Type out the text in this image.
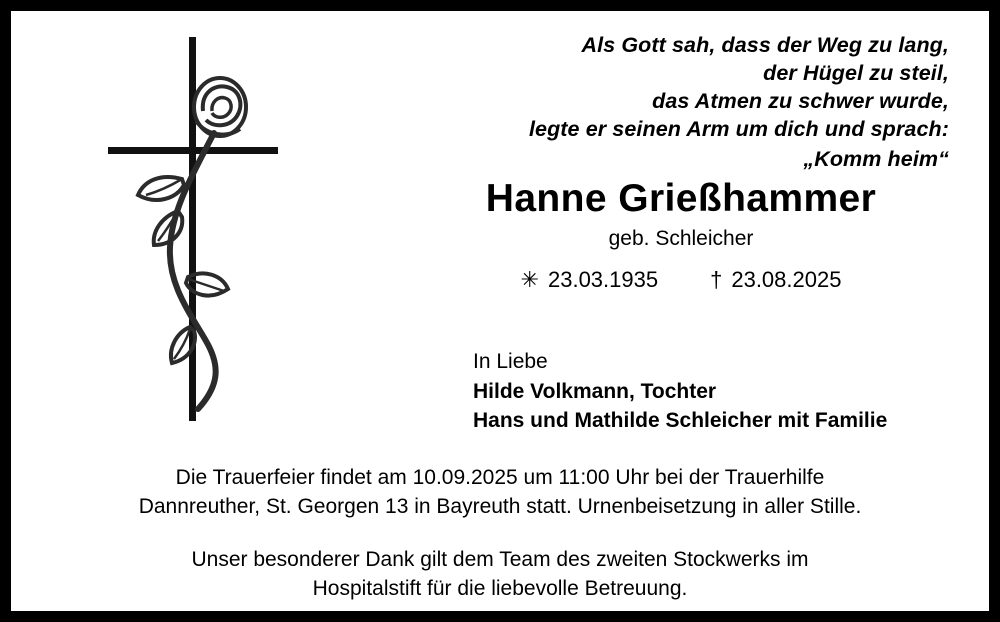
Als Gott sah, dass der Weg zu lang,
der Hügel zu steil,
das Atmen zu schwer wurde,
legte er seinen Arm um dich und sprach:
„Komm heim“
Hanne Grießhammer
geb. Schleicher
✳ 23.03.1935 † 23.08.2025
In Liebe
Hilde Volkmann, Tochter
Hans und Mathilde Schleicher mit Familie
Die Trauerfeier findet am 10.09.2025 um 11:00 Uhr bei der Trauerhilfe
Dannreuther, St. Georgen 13 in Bayreuth statt. Urnenbeisetzung in aller Stille.
Unser besonderer Dank gilt dem Team des zweiten Stockwerks im
Hospitalstift für die liebevolle Betreuung.
